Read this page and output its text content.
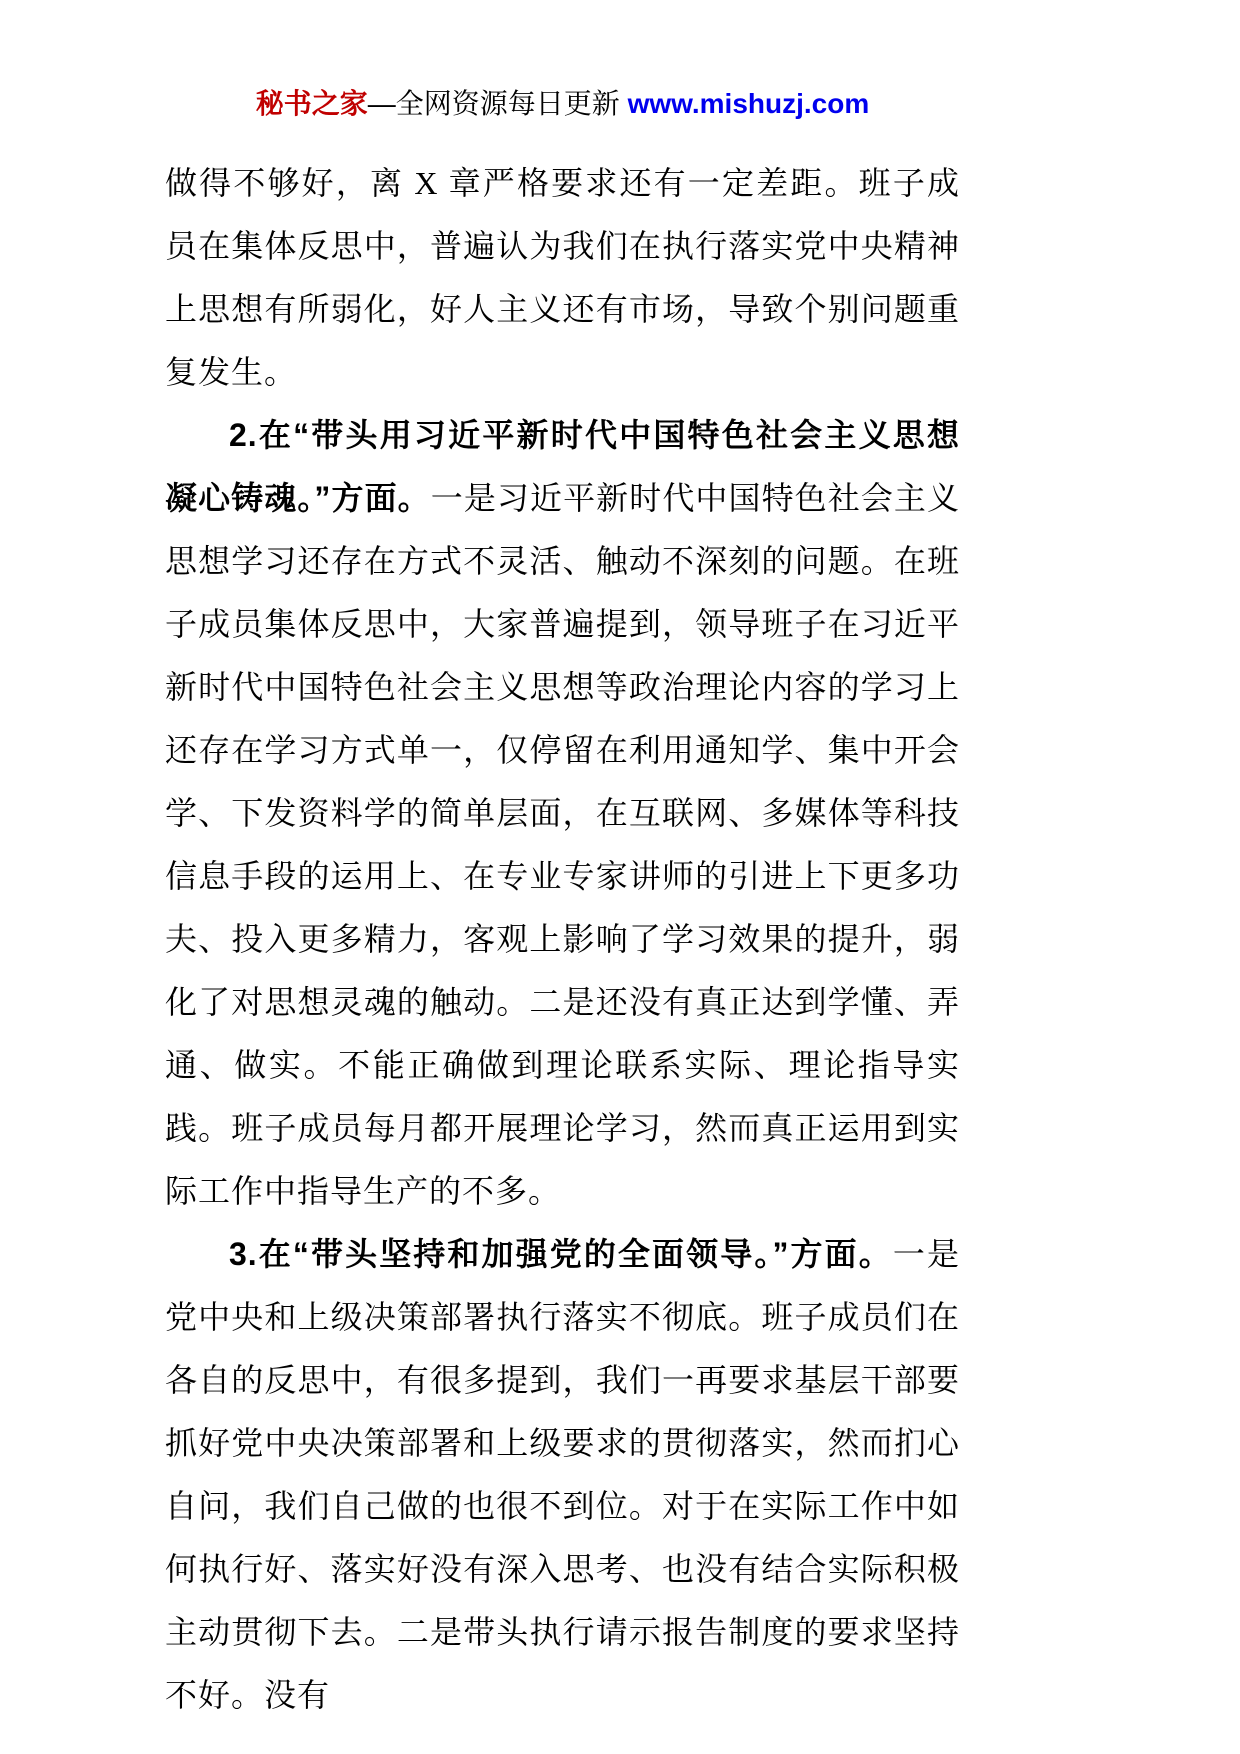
秘书之家—全网资源每日更新 www.mishuzj.com

做得不够好，离 X 章严格要求还有一定差距。班子成员在集体反思中，普遍认为我们在执行落实党中央精神上思想有所弱化，好人主义还有市场，导致个别问题重复发生。

2.在“带头用习近平新时代中国特色社会主义思想凝心铸魂。”方面。一是习近平新时代中国特色社会主义思想学习还存在方式不灵活、触动不深刻的问题。在班子成员集体反思中，大家普遍提到，领导班子在习近平新时代中国特色社会主义思想等政治理论内容的学习上还存在学习方式单一，仅停留在利用通知学、集中开会学、下发资料学的简单层面，在互联网、多媒体等科技信息手段的运用上、在专业专家讲师的引进上下更多功夫、投入更多精力，客观上影响了学习效果的提升，弱化了对思想灵魂的触动。二是还没有真正达到学懂、弄通、做实。不能正确做到理论联系实际、理论指导实践。班子成员每月都开展理论学习，然而真正运用到实际工作中指导生产的不多。

3.在“带头坚持和加强党的全面领导。”方面。一是党中央和上级决策部署执行落实不彻底。班子成员们在各自的反思中，有很多提到，我们一再要求基层干部要抓好党中央决策部署和上级要求的贯彻落实，然而扪心自问，我们自己做的也很不到位。对于在实际工作中如何执行好、落实好没有深入思考、也没有结合实际积极主动贯彻下去。二是带头执行请示报告制度的要求坚持不好。没有
